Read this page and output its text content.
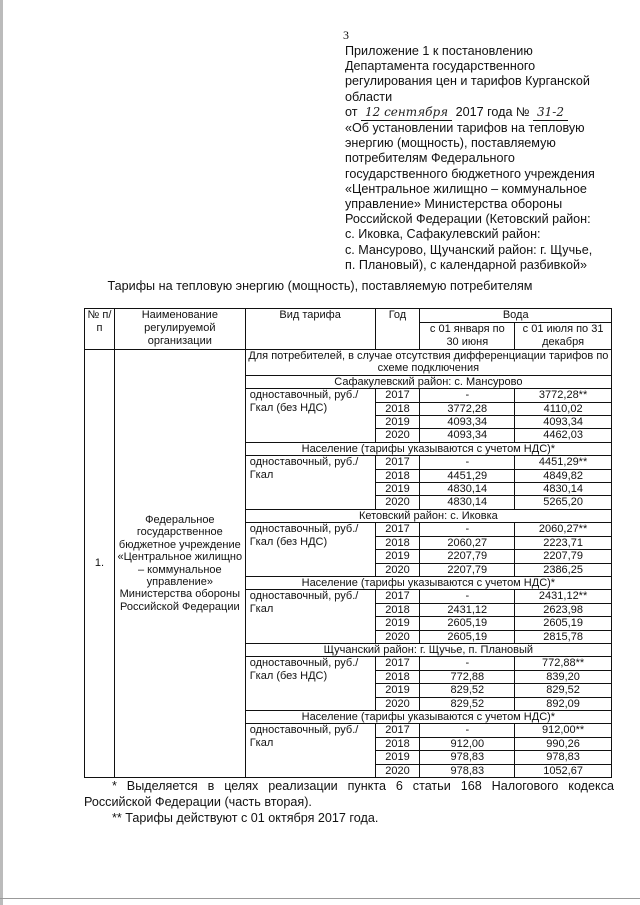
3
Приложение 1 к постановлению
Департамента государственного
регулирования цен и тарифов Курганской
области
от 12 сентября 2017 года № 31-2
«Об установлении тарифов на тепловую
энергию (мощность), поставляемую
потребителям Федерального
государственного бюджетного учреждения
«Центральное жилищно – коммунальное
управление» Министерства обороны
Российской Федерации (Кетовский район:
с. Иковка, Сафакулевский район:
с. Мансурово, Щучанский район: г. Щучье,
п. Плановый), с календарной разбивкой»
Тарифы на тепловую энергию (мощность), поставляемую потребителям
№ п/п	Наименование регулируемой организации	Вид тарифа	Год	Вода	
				с 01 января по 30 июня	с 01 июля по 31 декабря
1.	Федеральное государственное бюджетное учреждение «Центральное жилищно – коммунальное управление» Министерства обороны Российской Федерации	Для потребителей, в случае отсутствия дифференциации тарифов по схеме подключения			
		Сафакулевский район: с. Мансурово			
		одноставочный, руб./Гкал (без НДС)	2017	-	3772,28**
			2018	3772,28	4110,02
			2019	4093,34	4093,34
			2020	4093,34	4462,03
		Население (тарифы указываются с учетом НДС)*			
		одноставочный, руб./Гкал	2017	-	4451,29**
			2018	4451,29	4849,82
			2019	4830,14	4830,14
			2020	4830,14	5265,20
		Кетовский район: с. Иковка			
		одноставочный, руб./Гкал (без НДС)	2017	-	2060,27**
			2018	2060,27	2223,71
			2019	2207,79	2207,79
			2020	2207,79	2386,25
		Население (тарифы указываются с учетом НДС)*			
		одноставочный, руб./Гкал	2017	-	2431,12**
			2018	2431,12	2623,98
			2019	2605,19	2605,19
			2020	2605,19	2815,78
		Щучанский район: г. Щучье, п. Плановый			
		одноставочный, руб./Гкал (без НДС)	2017	-	772,88**
			2018	772,88	839,20
			2019	829,52	829,52
			2020	829,52	892,09
		Население (тарифы указываются с учетом НДС)*			
		одноставочный, руб./Гкал	2017	-	912,00**
			2018	912,00	990,26
			2019	978,83	978,83
			2020	978,83	1052,67

* Выделяется в целях реализации пункта 6 статьи 168 Налогового кодекса Российской Федерации (часть вторая).

** Тарифы действуют с 01 октября 2017 года.
